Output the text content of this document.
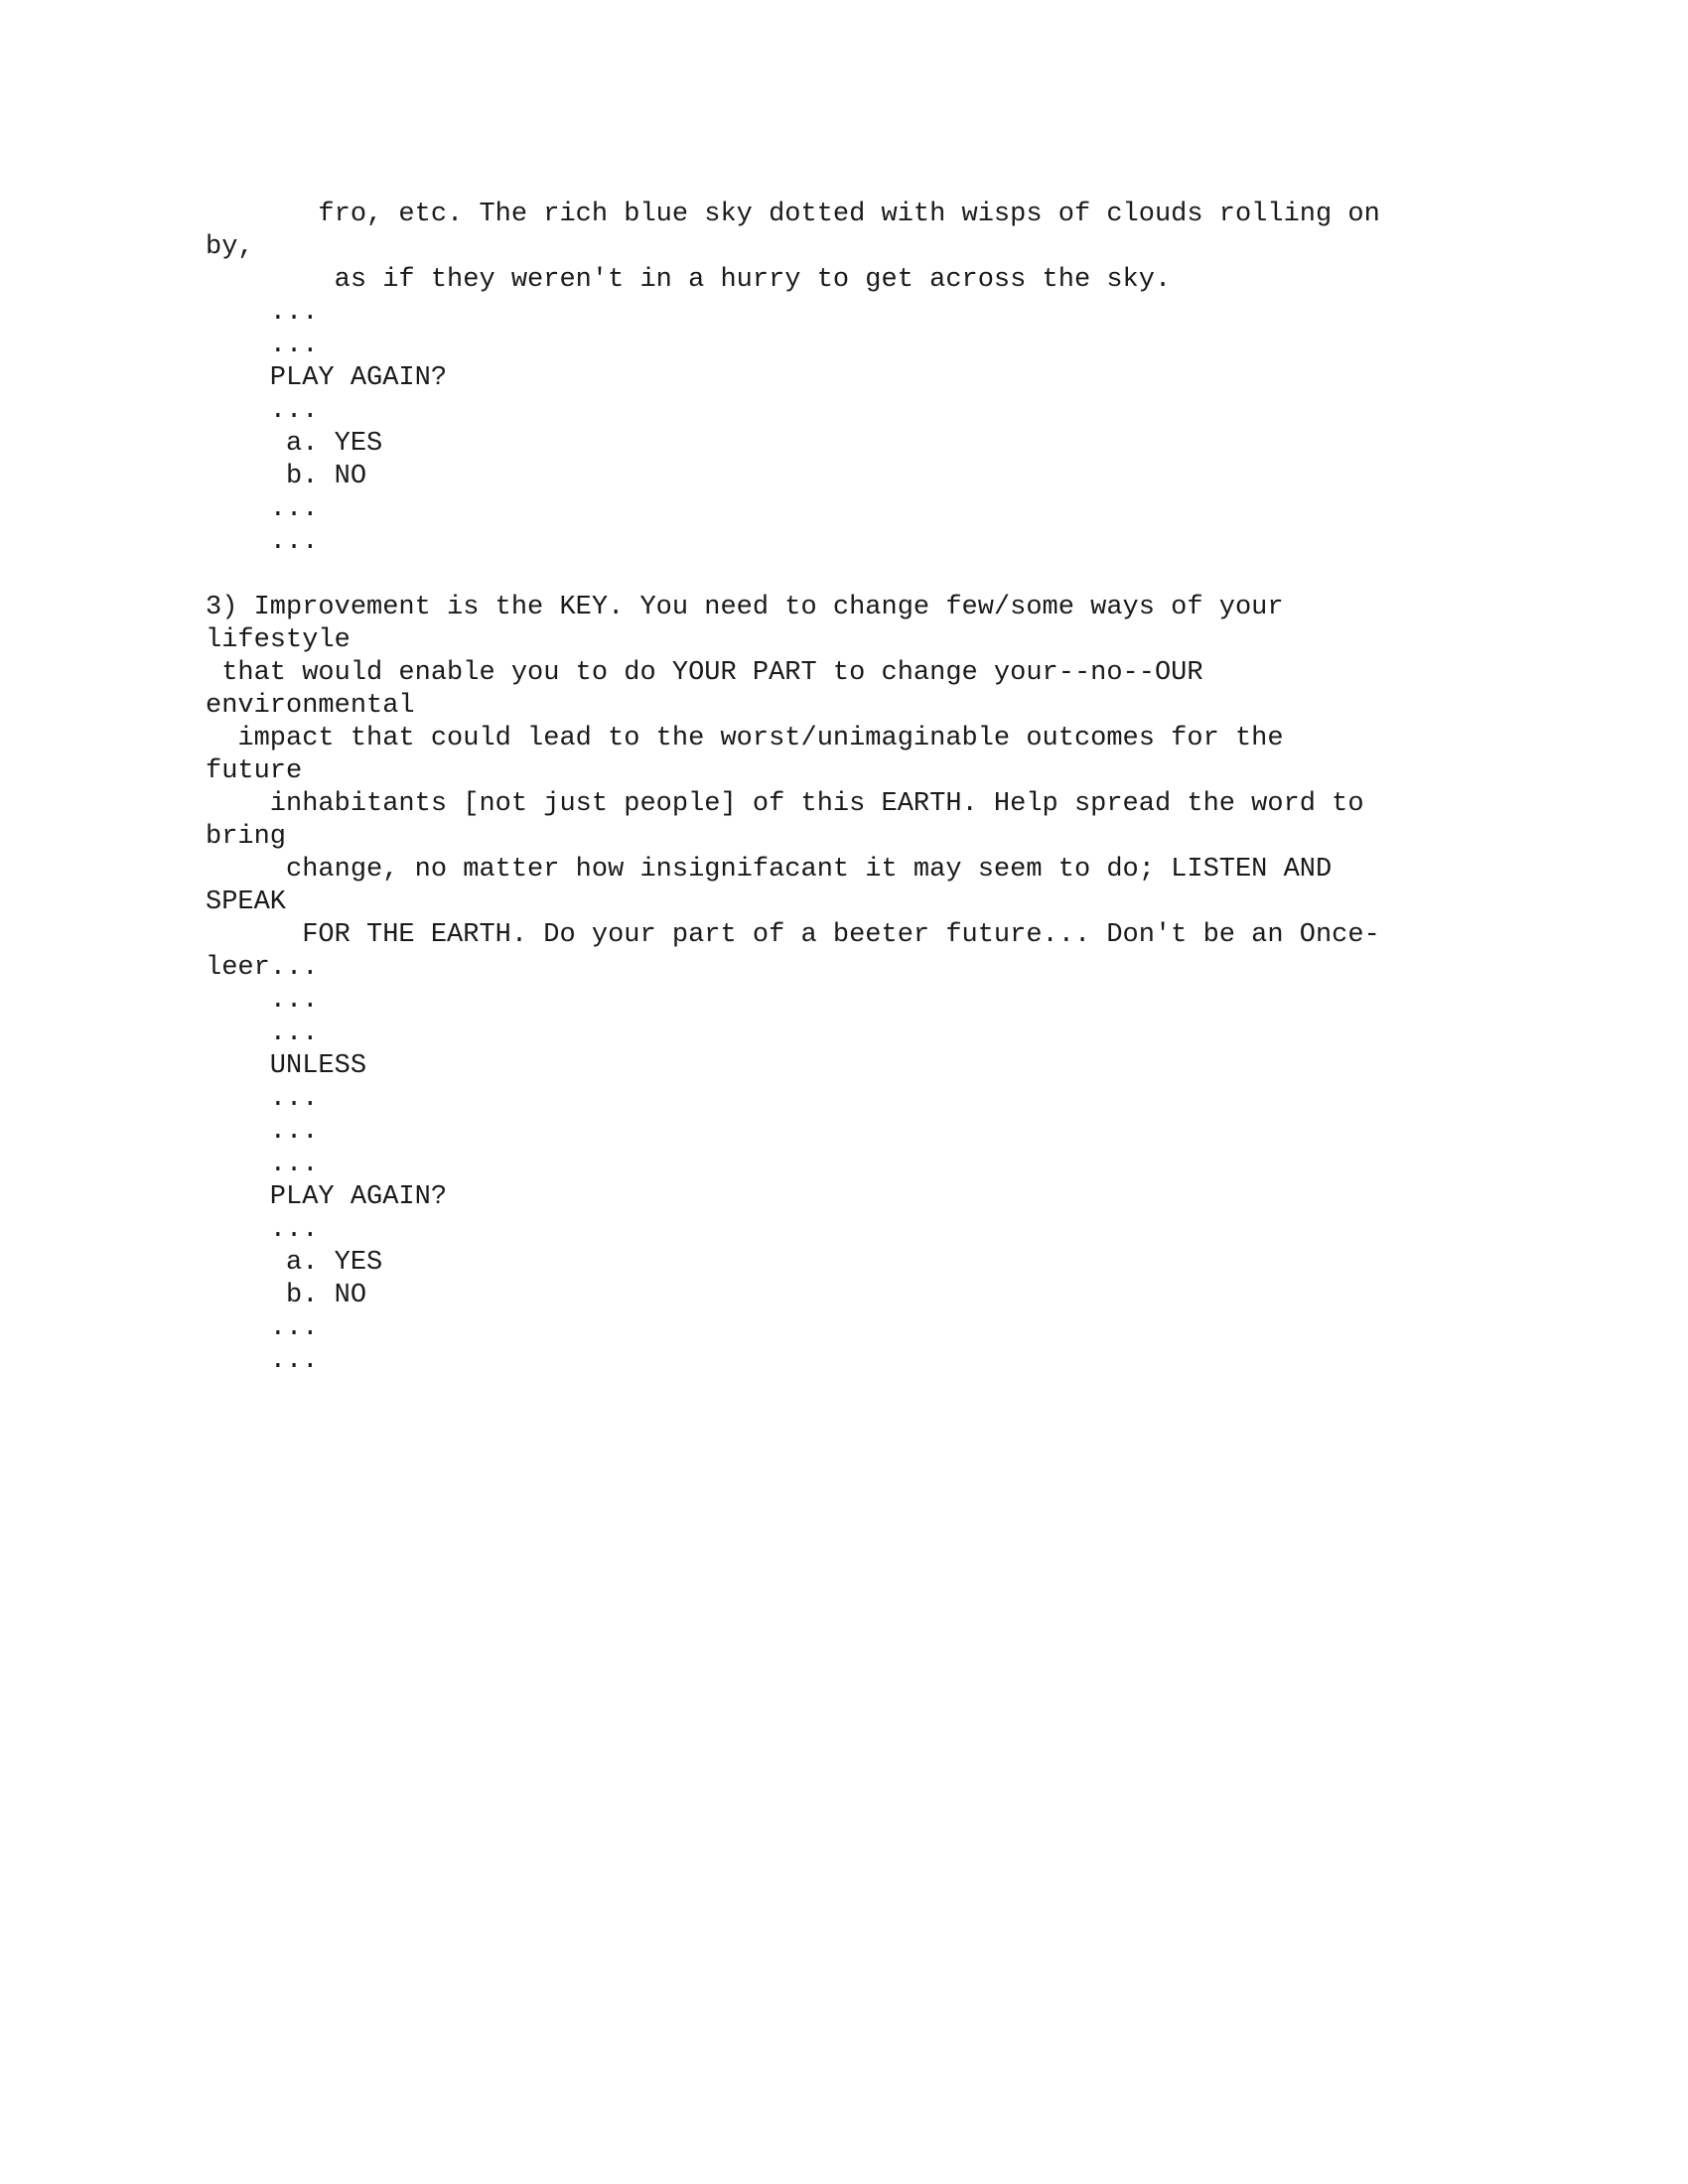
fro, etc. The rich blue sky dotted with wisps of clouds rolling on
by,
as if they weren't in a hurry to get across the sky.
...
...
PLAY AGAIN?
...
a. YES
b. NO
...
...
3) Improvement is the KEY. You need to change few/some ways of your
lifestyle
that would enable you to do YOUR PART to change your--no--OUR
environmental
impact that could lead to the worst/unimaginable outcomes for the
future
inhabitants [not just people] of this EARTH. Help spread the word to
bring
change, no matter how insignifacant it may seem to do; LISTEN AND
SPEAK
FOR THE EARTH. Do your part of a beeter future... Don't be an Once-
leer...
...
...
UNLESS
...
...
...
PLAY AGAIN?
...
a. YES
b. NO
...
...
